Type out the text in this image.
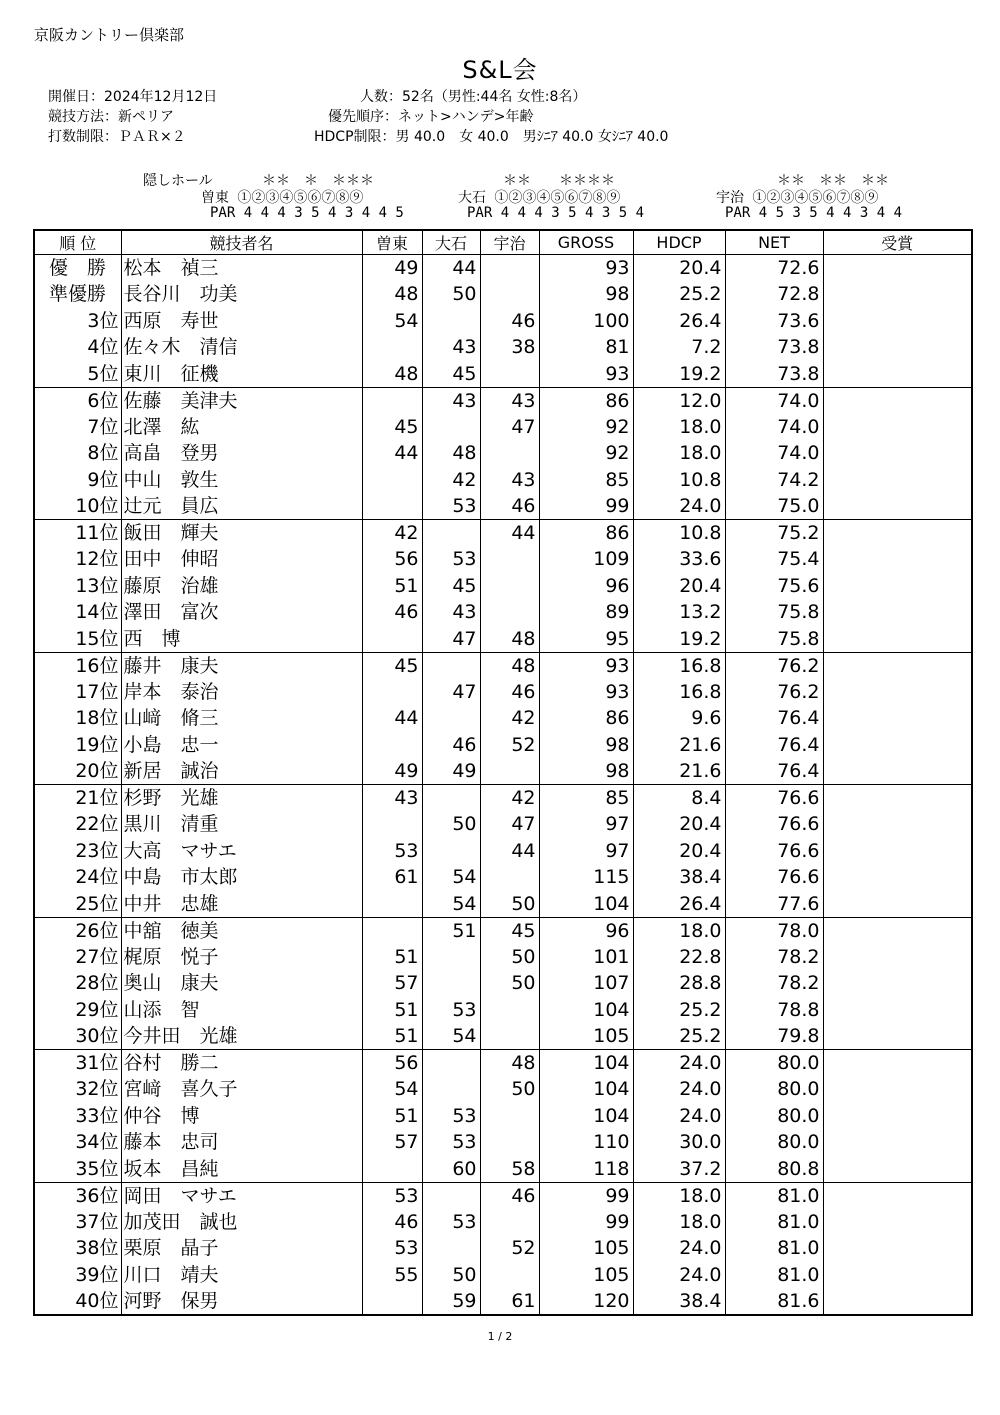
京阪カントリー倶楽部
S&L会
開催日：2024年12月12日
競技方法：新ペリア
打数制限：ＰＡＲ×２
人数：52名（男性:44名 女性:8名）
優先順序：ネット>ハンデ>年齢
HDCP制限：男 40.0　女 40.0　男ｼﾆｱ 40.0 女ｼﾆｱ 40.0
隠しホール	＊＊　＊　＊＊＊
曽東 ①②③④⑤⑥⑦⑧⑨
PAR 4 4 4 3 5 4 3 4 4 5
＊＊　　＊＊＊＊
大石 ①②③④⑤⑥⑦⑧⑨
PAR 4 4 4 3 5 4 3 5 4
＊＊　＊＊　＊＊
宇治 ①②③④⑤⑥⑦⑧⑨
PAR 4 5 3 5 4 4 3 4 4
順 位	競技者名	曽東	大石	宇治	GROSS	HDCP	NET	受賞
優　勝	松本　禎三	49	44		93	20.4	72.6	
準優勝	長谷川　功美	48	50		98	25.2	72.8	
3位	西原　寿世	54		46	100	26.4	73.6	
4位	佐々木　清信		43	38	81	7.2	73.8	
5位	東川　征機	48	45		93	19.2	73.8	
6位	佐藤　美津夫		43	43	86	12.0	74.0	
7位	北澤　紘	45		47	92	18.0	74.0	
8位	高畠　登男	44	48		92	18.0	74.0	
9位	中山　敦生		42	43	85	10.8	74.2	
10位	辻元　員広		53	46	99	24.0	75.0	
11位	飯田　輝夫	42		44	86	10.8	75.2	
12位	田中　伸昭	56	53		109	33.6	75.4	
13位	藤原　治雄	51	45		96	20.4	75.6	
14位	澤田　富次	46	43		89	13.2	75.8	
15位	西　博		47	48	95	19.2	75.8	
16位	藤井　康夫	45		48	93	16.8	76.2	
17位	岸本　泰治		47	46	93	16.8	76.2	
18位	山﨑　脩三	44		42	86	9.6	76.4	
19位	小島　忠一		46	52	98	21.6	76.4	
20位	新居　誠治	49	49		98	21.6	76.4	
21位	杉野　光雄	43		42	85	8.4	76.6	
22位	黒川　清重		50	47	97	20.4	76.6	
23位	大高　マサエ	53		44	97	20.4	76.6	
24位	中島　市太郎	61	54		115	38.4	76.6	
25位	中井　忠雄		54	50	104	26.4	77.6	
26位	中舘　徳美		51	45	96	18.0	78.0	
27位	梶原　悦子	51		50	101	22.8	78.2	
28位	奥山　康夫	57		50	107	28.8	78.2	
29位	山添　智	51	53		104	25.2	78.8	
30位	今井田　光雄	51	54		105	25.2	79.8	
31位	谷村　勝二	56		48	104	24.0	80.0	
32位	宮﨑　喜久子	54		50	104	24.0	80.0	
33位	仲谷　博	51	53		104	24.0	80.0	
34位	藤本　忠司	57	53		110	30.0	80.0	
35位	坂本　昌純		60	58	118	37.2	80.8	
36位	岡田　マサエ	53		46	99	18.0	81.0	
37位	加茂田　誠也	46	53		99	18.0	81.0	
38位	栗原　晶子	53		52	105	24.0	81.0	
39位	川口　靖夫	55	50		105	24.0	81.0	
40位	河野　保男		59	61	120	38.4	81.6	
1 / 2
